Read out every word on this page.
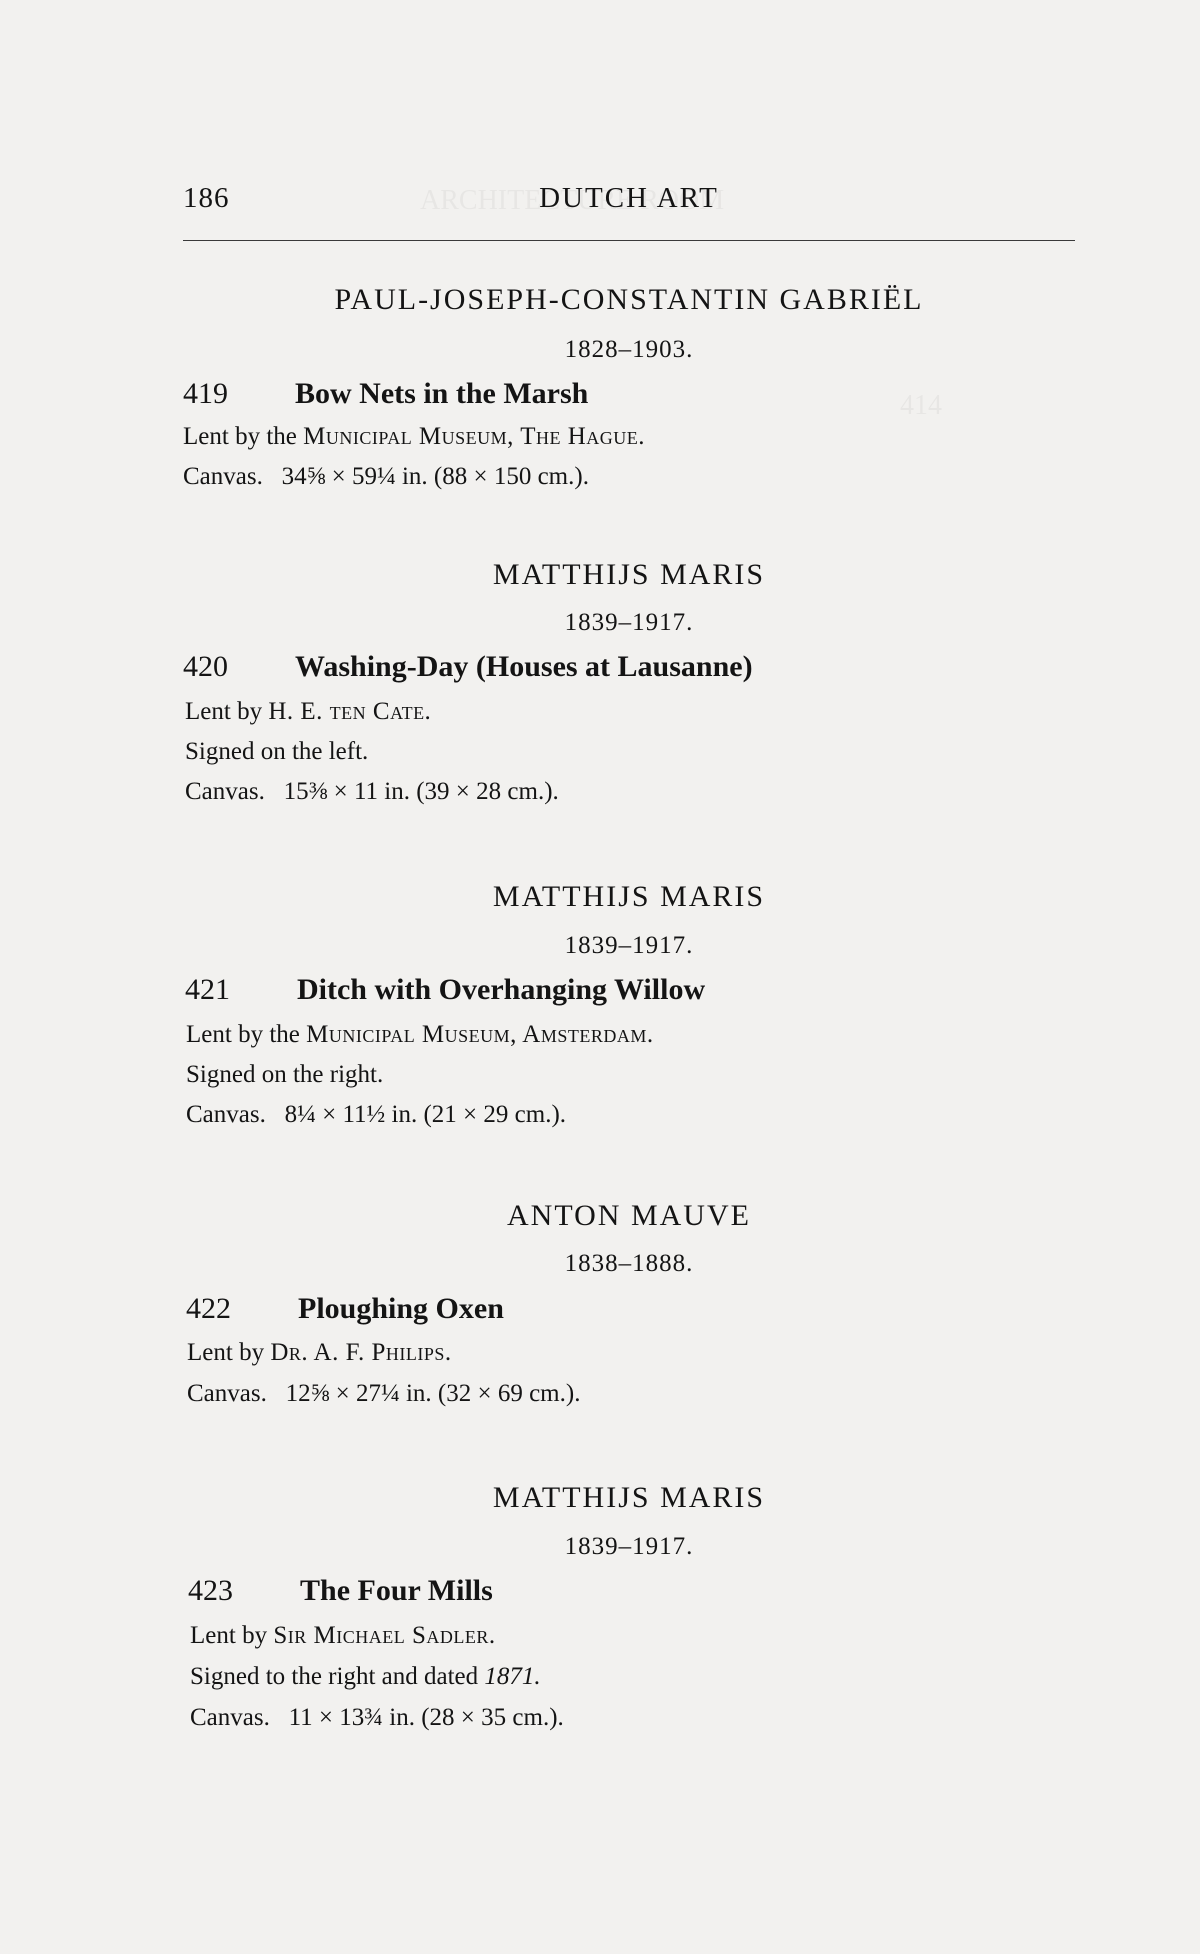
186	DUTCH ART
PAUL-JOSEPH-CONSTANTIN GABRIËL
1828–1903.
419 Bow Nets in the Marsh
Lent by the Municipal Museum, The Hague.
Canvas. 34⅝ × 59¼ in. (88 × 150 cm.).
MATTHIJS MARIS
1839–1917.
420 Washing-Day (Houses at Lausanne)
Lent by H. E. ten Cate.
Signed on the left.
Canvas. 15⅜ × 11 in. (39 × 28 cm.).
MATTHIJS MARIS
1839–1917.
421 Ditch with Overhanging Willow
Lent by the Municipal Museum, Amsterdam.
Signed on the right.
Canvas. 8¼ × 11½ in. (21 × 29 cm.).
ANTON MAUVE
1838–1888.
422 Ploughing Oxen
Lent by Dr. A. F. Philips.
Canvas. 12⅝ × 27¼ in. (32 × 69 cm.).
MATTHIJS MARIS
1839–1917.
423 The Four Mills
Lent by Sir Michael Sadler.
Signed to the right and dated 1871.
Canvas. 11 × 13¾ in. (28 × 35 cm.).
